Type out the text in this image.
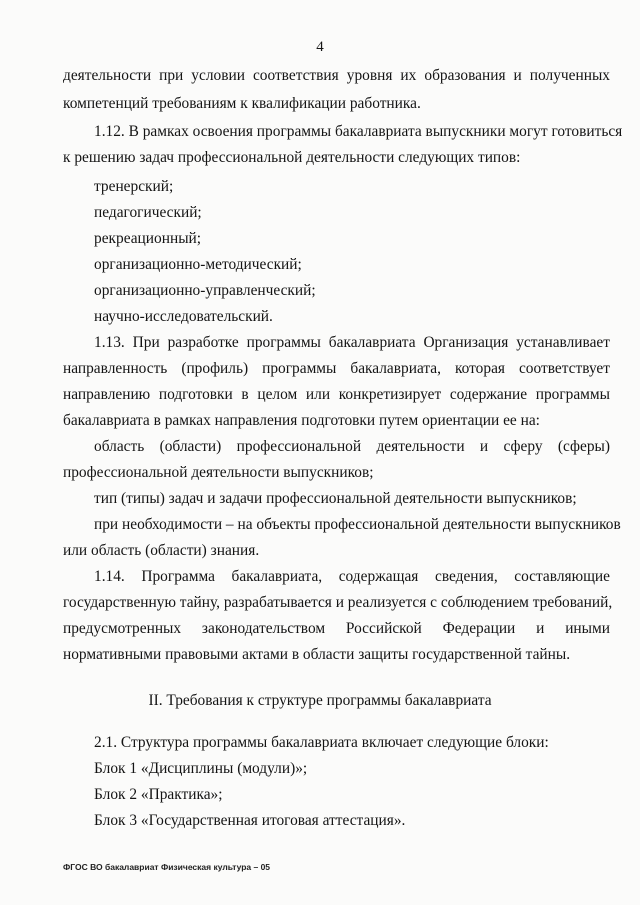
4
деятельности при условии соответствия уровня их образования и полученных
компетенций требованиям к квалификации работника.
1.12. В рамках освоения программы бакалавриата выпускники могут готовиться
к решению задач профессиональной деятельности следующих типов:
тренерский;
педагогический;
рекреационный;
организационно-методический;
организационно-управленческий;
научно-исследовательский.
1.13. При разработке программы бакалавриата Организация устанавливает
направленность (профиль) программы бакалавриата, которая соответствует
направлению подготовки в целом или конкретизирует содержание программы
бакалавриата в рамках направления подготовки путем ориентации ее на:
область (области) профессиональной деятельности и сферу (сферы)
профессиональной деятельности выпускников;
тип (типы) задач и задачи профессиональной деятельности выпускников;
при необходимости – на объекты профессиональной деятельности выпускников
или область (области) знания.
1.14. Программа бакалавриата, содержащая сведения, составляющие
государственную тайну, разрабатывается и реализуется с соблюдением требований,
предусмотренных законодательством Российской Федерации и иными
нормативными правовыми актами в области защиты государственной тайны.
II. Требования к структуре программы бакалавриата
2.1. Структура программы бакалавриата включает следующие блоки:
Блок 1 «Дисциплины (модули)»;
Блок 2 «Практика»;
Блок 3 «Государственная итоговая аттестация».
ФГОС ВО бакалавриат Физическая культура – 05
